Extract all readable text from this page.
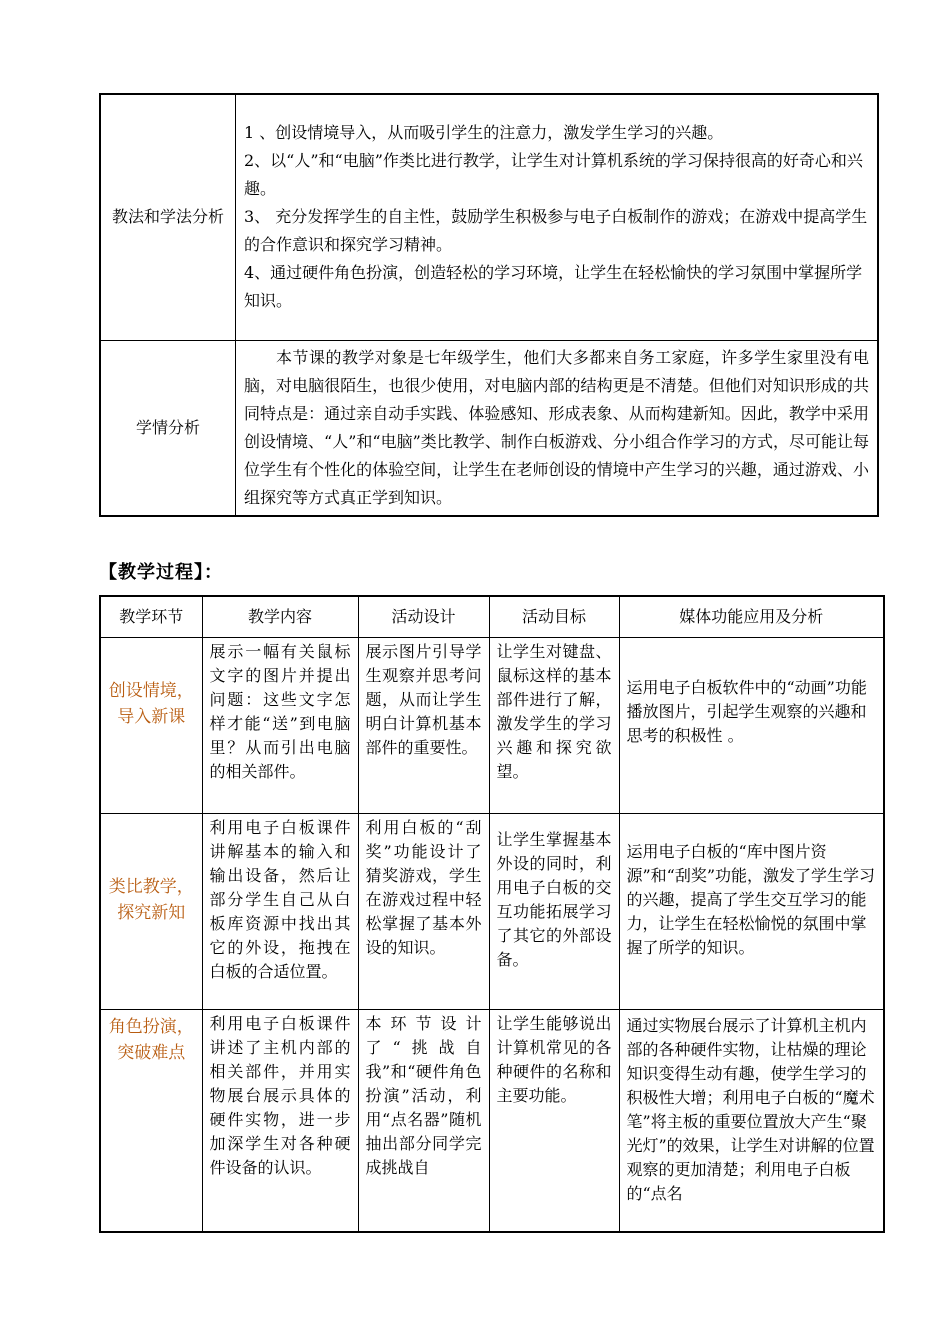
教法和学法分析	1 、创设情境导入，从而吸引学生的注意力，激发学生学习的兴趣。

2、以“人”和“电脑”作类比进行教学，让学生对计算机系统的学习保持很高的好奇心和兴趣。

3、 充分发挥学生的自主性，鼓励学生积极参与电子白板制作的游戏；在游戏中提高学生的合作意识和探究学习精神。

4、通过硬件角色扮演，创造轻松的学习环境，让学生在轻松愉快的学习氛围中掌握所学知识。

学情分析	本节课的教学对象是七年级学生，他们大多都来自务工家庭，许多学生家里没有电脑，对电脑很陌生，也很少使用，对电脑内部的结构更是不清楚。但他们对知识形成的共同特点是：通过亲自动手实践、体验感知、形成表象、从而构建新知。因此，教学中采用创设情境、“人”和“电脑”类比教学、制作白板游戏、分小组合作学习的方式，尽可能让每位学生有个性化的体验空间，让学生在老师创设的情境中产生学习的兴趣，通过游戏、小组探究等方式真正学到知识。

【教学过程】：
教学环节	教学内容	活动设计	活动目标	媒体功能应用及分析
创设情境，导入新课	展示一幅有关鼠标文字的图片并提出问题：这些文字怎样才能“送”到电脑里？从而引出电脑的相关部件。	展示图片引导学生观察并思考问题，从而让学生明白计算机基本部件的重要性。	让学生对键盘、鼠标这样的基本部件进行了解，激发学生的学习兴趣和探究欲望。	运用电子白板软件中的“动画”功能播放图片，引起学生观察的兴趣和思考的积极性 。
类比教学，探究新知	利用电子白板课件讲解基本的输入和输出设备，然后让部分学生自己从白板库资源中找出其它的外设，拖拽在白板的合适位置。	利用白板的“刮奖”功能设计了猜奖游戏，学生在游戏过程中轻松掌握了基本外设的知识。	让学生掌握基本外设的同时，利用电子白板的交互功能拓展学习了其它的外部设备。	运用电子白板的“库中图片资源”和“刮奖”功能，激发了学生学习的兴趣，提高了学生交互学习的能力，让学生在轻松愉悦的氛围中掌握了所学的知识。
角色扮演，突破难点	利用电子白板课件讲述了主机内部的相关部件，并用实物展台展示具体的硬件实物，进一步加深学生对各种硬件设备的认识。	本环节设计了“挑战自我”和“硬件角色扮演”活动，利用“点名器”随机抽出部分同学完成挑战自	让学生能够说出计算机常见的各种硬件的名称和主要功能。	通过实物展台展示了计算机主机内部的各种硬件实物，让枯燥的理论知识变得生动有趣，使学生学习的积极性大增；利用电子白板的“魔术笔”将主板的重要位置放大产生“聚光灯”的效果，让学生对讲解的位置观察的更加清楚；利用电子白板的“点名
